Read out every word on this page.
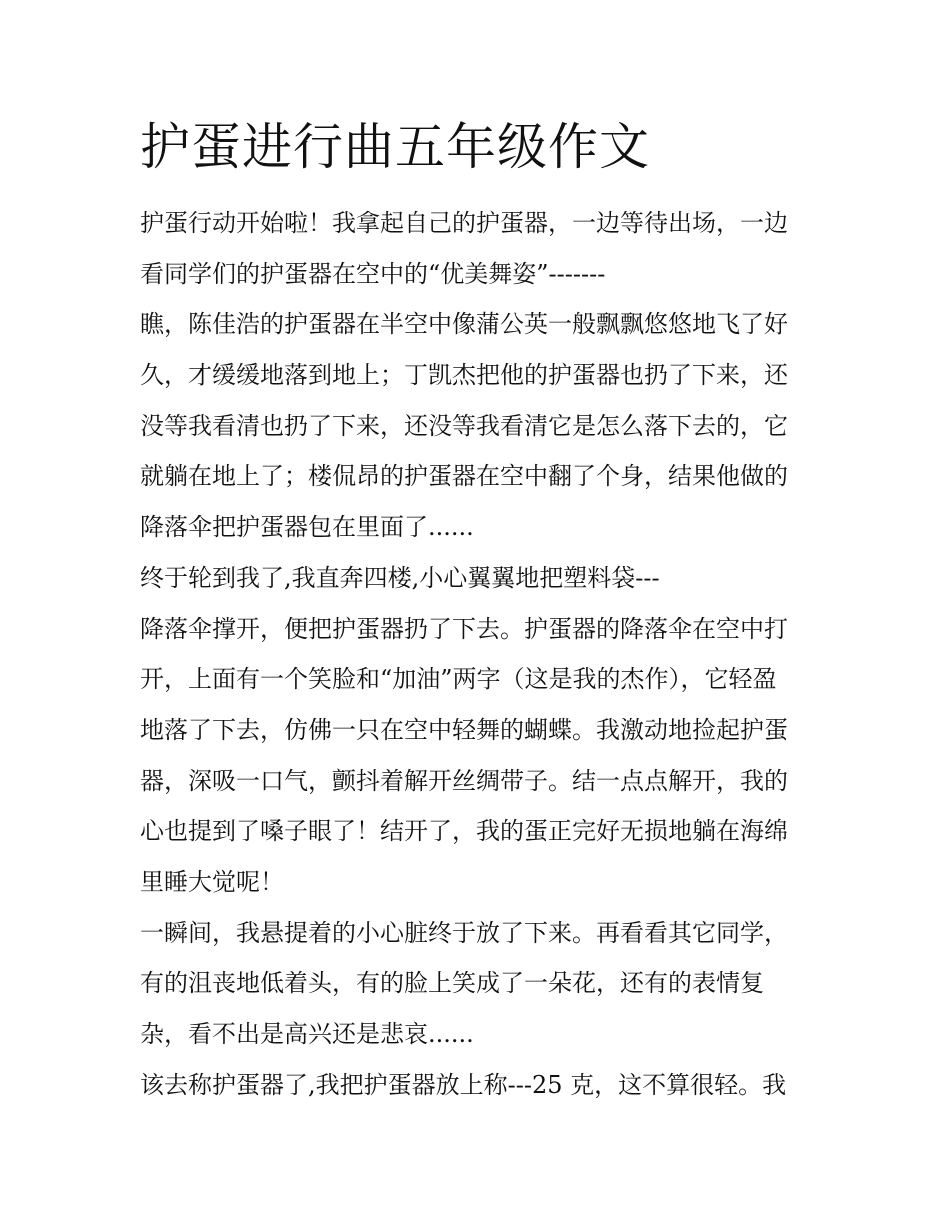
护蛋进行曲五年级作文
护蛋行动开始啦！我拿起自己的护蛋器，一边等待出场，一边
看同学们的护蛋器在空中的“优美舞姿”-------
瞧，陈佳浩的护蛋器在半空中像蒲公英一般飘飘悠悠地飞了好
久，才缓缓地落到地上；丁凯杰把他的护蛋器也扔了下来，还
没等我看清也扔了下来，还没等我看清它是怎么落下去的，它
就躺在地上了；楼侃昂的护蛋器在空中翻了个身，结果他做的
降落伞把护蛋器包在里面了......
终于轮到我了,我直奔四楼,小心翼翼地把塑料袋---
降落伞撑开，便把护蛋器扔了下去。护蛋器的降落伞在空中打
开，上面有一个笑脸和“加油”两字（这是我的杰作），它轻盈
地落了下去，仿佛一只在空中轻舞的蝴蝶。我激动地捡起护蛋
器，深吸一口气，颤抖着解开丝绸带子。结一点点解开，我的
心也提到了嗓子眼了！结开了，我的蛋正完好无损地躺在海绵
里睡大觉呢！
一瞬间，我悬提着的小心脏终于放了下来。再看看其它同学，
有的沮丧地低着头，有的脸上笑成了一朵花，还有的表情复
杂，看不出是高兴还是悲哀......
该去称护蛋器了,我把护蛋器放上称---25 克，这不算很轻。我
